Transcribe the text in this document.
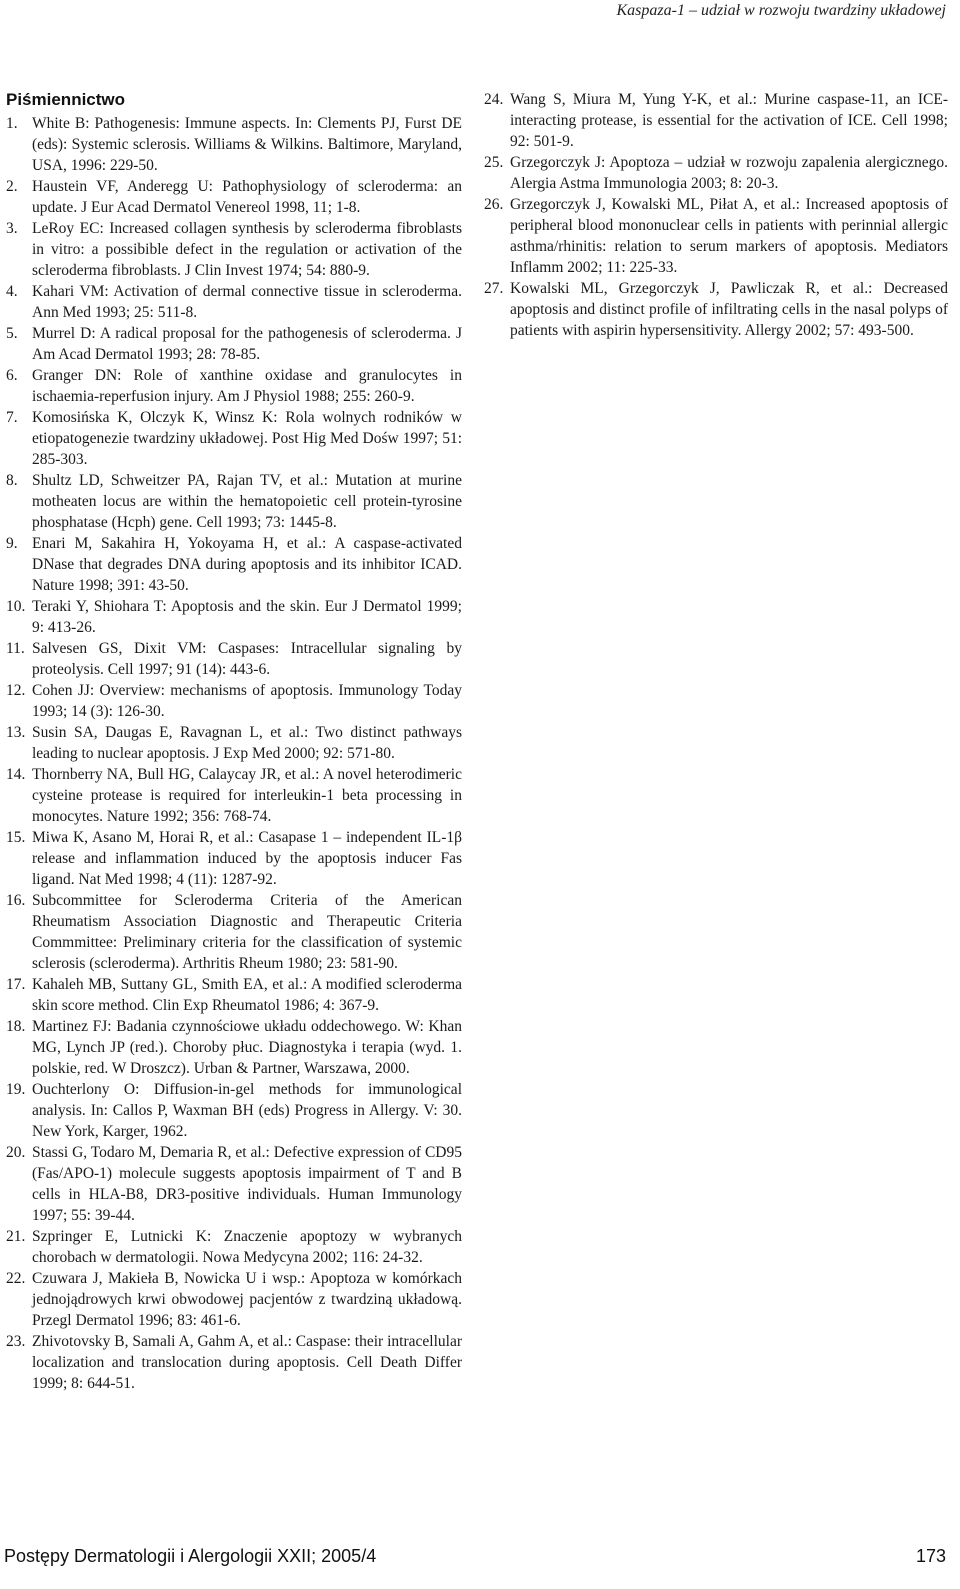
Kaspaza-1 – udział w rozwoju twardziny układowej
Piśmiennictwo
1. White B: Pathogenesis: Immune aspects. In: Clements PJ, Furst DE (eds): Systemic sclerosis. Williams & Wilkins. Baltimore, Maryland, USA, 1996: 229-50.
2. Haustein VF, Anderegg U: Pathophysiology of scleroderma: an update. J Eur Acad Dermatol Venereol 1998, 11; 1-8.
3. LeRoy EC: Increased collagen synthesis by scleroderma fibroblasts in vitro: a possibible defect in the regulation or activation of the scleroderma fibroblasts. J Clin Invest 1974; 54: 880-9.
4. Kahari VM: Activation of dermal connective tissue in scleroderma. Ann Med 1993; 25: 511-8.
5. Murrel D: A radical proposal for the pathogenesis of scleroderma. J Am Acad Dermatol 1993; 28: 78-85.
6. Granger DN: Role of xanthine oxidase and granulocytes in ischaemia-reperfusion injury. Am J Physiol 1988; 255: 260-9.
7. Komosińska K, Olczyk K, Winsz K: Rola wolnych rodników w etiopatogenezie twardziny układowej. Post Hig Med Dośw 1997; 51: 285-303.
8. Shultz LD, Schweitzer PA, Rajan TV, et al.: Mutation at murine motheaten locus are within the hematopoietic cell protein-tyrosine phosphatase (Hcph) gene. Cell 1993; 73: 1445-8.
9. Enari M, Sakahira H, Yokoyama H, et al.: A caspase-activated DNase that degrades DNA during apoptosis and its inhibitor ICAD. Nature 1998; 391: 43-50.
10. Teraki Y, Shiohara T: Apoptosis and the skin. Eur J Dermatol 1999; 9: 413-26.
11. Salvesen GS, Dixit VM: Caspases: Intracellular signaling by proteolysis. Cell 1997; 91 (14): 443-6.
12. Cohen JJ: Overview: mechanisms of apoptosis. Immunology Today 1993; 14 (3): 126-30.
13. Susin SA, Daugas E, Ravagnan L, et al.: Two distinct pathways leading to nuclear apoptosis. J Exp Med 2000; 92: 571-80.
14. Thornberry NA, Bull HG, Calaycay JR, et al.: A novel heterodimeric cysteine protease is required for interleukin-1 beta processing in monocytes. Nature 1992; 356: 768-74.
15. Miwa K, Asano M, Horai R, et al.: Casapase 1 – independent IL-1β release and inflammation induced by the apoptosis inducer Fas ligand. Nat Med 1998; 4 (11): 1287-92.
16. Subcommittee for Scleroderma Criteria of the American Rheumatism Association Diagnostic and Therapeutic Criteria Commmittee: Preliminary criteria for the classification of systemic sclerosis (scleroderma). Arthritis Rheum 1980; 23: 581-90.
17. Kahaleh MB, Suttany GL, Smith EA, et al.: A modified scleroderma skin score method. Clin Exp Rheumatol 1986; 4: 367-9.
18. Martinez FJ: Badania czynnościowe układu oddechowego. W: Khan MG, Lynch JP (red.). Choroby płuc. Diagnostyka i terapia (wyd. 1. polskie, red. W Droszcz). Urban & Partner, Warszawa, 2000.
19. Ouchterlony O: Diffusion-in-gel methods for immunological analysis. In: Callos P, Waxman BH (eds) Progress in Allergy. V: 30. New York, Karger, 1962.
20. Stassi G, Todaro M, Demaria R, et al.: Defective expression of CD95 (Fas/APO-1) molecule suggests apoptosis impairment of T and B cells in HLA-B8, DR3-positive individuals. Human Immunology 1997; 55: 39-44.
21. Szpringer E, Lutnicki K: Znaczenie apoptozy w wybranych chorobach w dermatologii. Nowa Medycyna 2002; 116: 24-32.
22. Czuwara J, Makieła B, Nowicka U i wsp.: Apoptoza w komórkach jednojądrowych krwi obwodowej pacjentów z twardziną układową. Przegl Dermatol 1996; 83: 461-6.
23. Zhivotovsky B, Samali A, Gahm A, et al.: Caspase: their intracellular localization and translocation during apoptosis. Cell Death Differ 1999; 8: 644-51.
24. Wang S, Miura M, Yung Y-K, et al.: Murine caspase-11, an ICE-interacting protease, is essential for the activation of ICE. Cell 1998; 92: 501-9.
25. Grzegorczyk J: Apoptoza – udział w rozwoju zapalenia alergicznego. Alergia Astma Immunologia 2003; 8: 20-3.
26. Grzegorczyk J, Kowalski ML, Piłat A, et al.: Increased apoptosis of peripheral blood mononuclear cells in patients with perinnial allergic asthma/rhinitis: relation to serum markers of apoptosis. Mediators Inflamm 2002; 11: 225-33.
27. Kowalski ML, Grzegorczyk J, Pawliczak R, et al.: Decreased apoptosis and distinct profile of infiltrating cells in the nasal polyps of patients with aspirin hypersensitivity. Allergy 2002; 57: 493-500.
Postępy Dermatologii i Alergologii XXII; 2005/4	173
